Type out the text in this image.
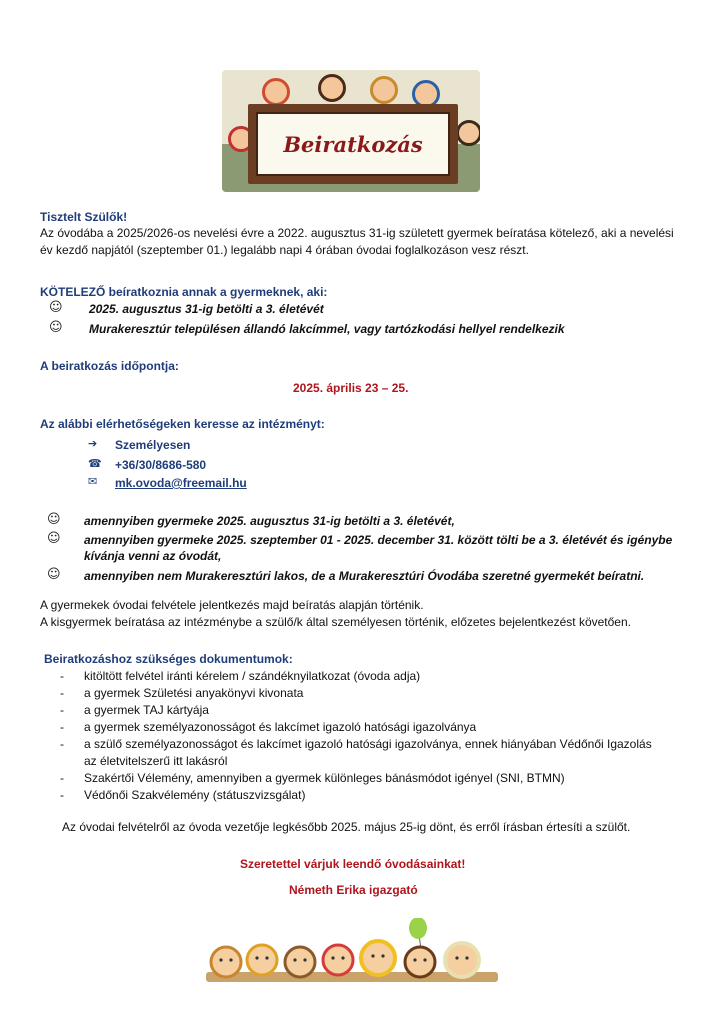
Beiratkozás
Tisztelt Szülők!
Az óvodába a 2025/2026-os nevelési évre a 2022. augusztus 31-ig született gyermek beíratása kötelező, aki a nevelési
év kezdő napjától (szeptember 01.) legalább napi 4 órában óvodai foglalkozáson vesz részt.
KÖTELEZŐ beíratkoznia annak a gyermeknek, aki:
☺ 2025. augusztus 31-ig betölti a 3. életévét
☺ Murakeresztúr településen állandó lakcímmel, vagy tartózkodási hellyel rendelkezik
A beiratkozás időpontja:
2025. április 23 – 25.
Az alábbi elérhetőségeken keresse az intézményt:
➔ Személyesen
☎ +36/30/8686-580
✉ mk.ovoda@freemail.hu
☺ amennyiben gyermeke 2025. augusztus 31-ig betölti a 3. életévét,
☺ amennyiben gyermeke 2025. szeptember 01 - 2025. december 31. között tölti be a 3. életévét és igénybe
kívánja venni az óvodát,
☺ amennyiben nem Murakeresztúri lakos, de a Murakeresztúri Óvodába szeretné gyermekét beíratni.
A gyermekek óvodai felvétele jelentkezés majd beíratás alapján történik.
A kisgyermek beíratása az intézménybe a szülő/k által személyesen történik, előzetes bejelentkezést követően.
Beiratkozáshoz szükséges dokumentumok:
- kitöltött felvétel iránti kérelem / szándéknyilatkozat (óvoda adja)
- a gyermek Születési anyakönyvi kivonata
- a gyermek TAJ kártyája
- a gyermek személyazonosságot és lakcímet igazoló hatósági igazolványa
- a szülő személyazonosságot és lakcímet igazoló hatósági igazolványa, ennek hiányában Védőnői Igazolás
az életvitelszerű itt lakásról
- Szakértői Vélemény, amennyiben a gyermek különleges bánásmódot igényel (SNI, BTMN)
- Védőnői Szakvélemény (státuszvizsgálat)
Az óvodai felvételről az óvoda vezetője legkésőbb 2025. május 25-ig dönt, és erről írásban értesíti a szülőt.
Szeretettel várjuk leendő óvodásainkat!
Németh Erika igazgató
